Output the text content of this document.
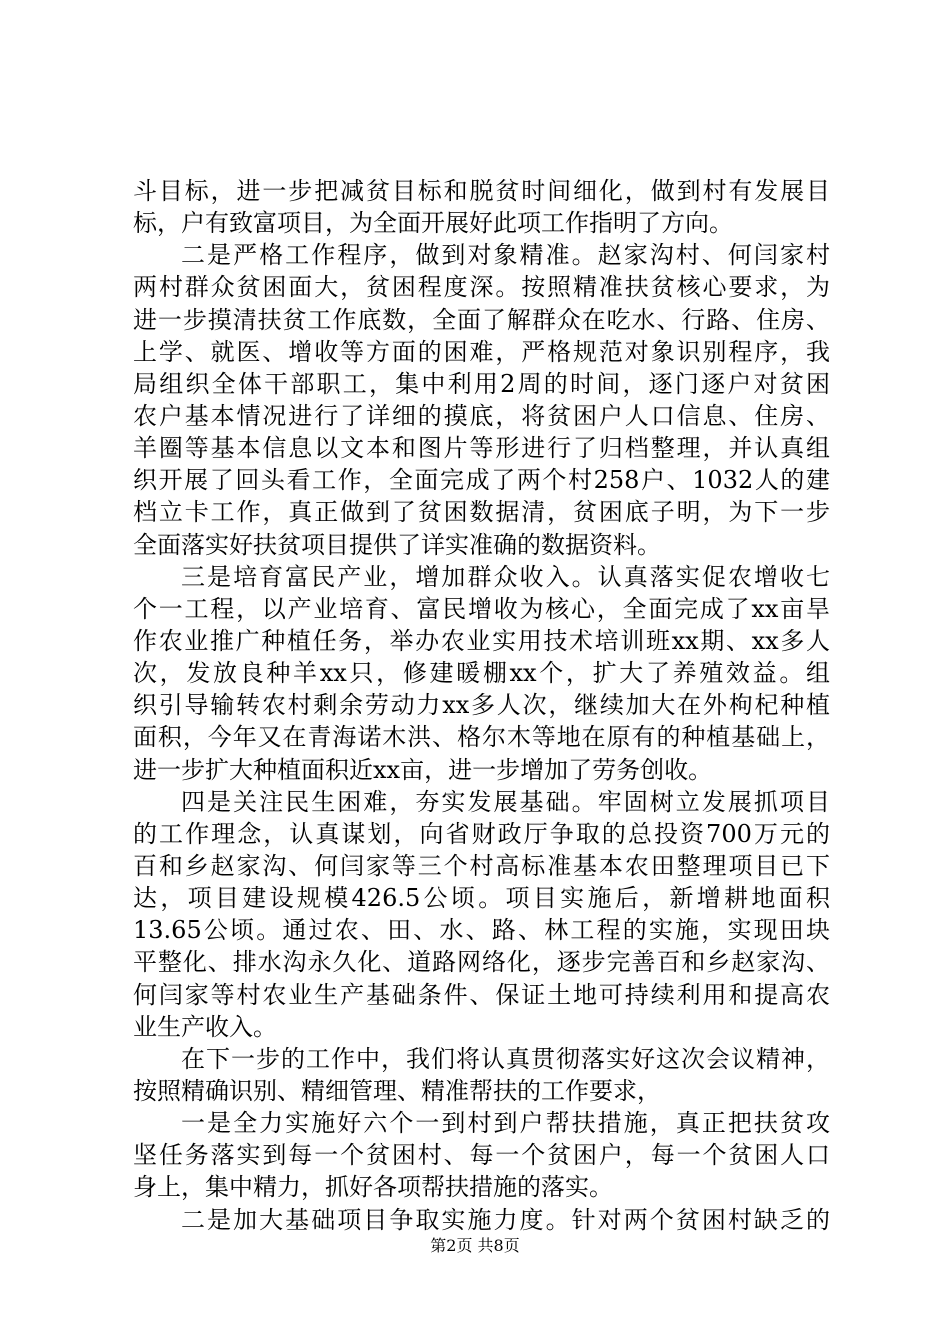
斗目标，进一步把减贫目标和脱贫时间细化，做到村有发展目
标，户有致富项目，为全面开展好此项工作指明了方向。
二是严格工作程序，做到对象精准。赵家沟村、何闫家村
两村群众贫困面大，贫困程度深。按照精准扶贫核心要求，为
进一步摸清扶贫工作底数，全面了解群众在吃水、行路、住房、
上学、就医、增收等方面的困难，严格规范对象识别程序，我
局组织全体干部职工，集中利用2周的时间，逐门逐户对贫困
农户基本情况进行了详细的摸底，将贫困户人口信息、住房、
羊圈等基本信息以文本和图片等形进行了归档整理，并认真组
织开展了回头看工作，全面完成了两个村258户、1032人的建
档立卡工作，真正做到了贫困数据清，贫困底子明，为下一步
全面落实好扶贫项目提供了详实准确的数据资料。
三是培育富民产业，增加群众收入。认真落实促农增收七
个一工程，以产业培育、富民增收为核心，全面完成了xx亩旱
作农业推广种植任务，举办农业实用技术培训班xx期、xx多人
次，发放良种羊xx只，修建暖棚xx个，扩大了养殖效益。组
织引导输转农村剩余劳动力xx多人次，继续加大在外枸杞种植
面积，今年又在青海诺木洪、格尔木等地在原有的种植基础上，
进一步扩大种植面积近xx亩，进一步增加了劳务创收。
四是关注民生困难，夯实发展基础。牢固树立发展抓项目
的工作理念，认真谋划，向省财政厅争取的总投资700万元的
百和乡赵家沟、何闫家等三个村高标准基本农田整理项目已下
达，项目建设规模426.5公顷。项目实施后，新增耕地面积
13.65公顷。通过农、田、水、路、林工程的实施，实现田块
平整化、排水沟永久化、道路网络化，逐步完善百和乡赵家沟、
何闫家等村农业生产基础条件、保证土地可持续利用和提高农
业生产收入。
在下一步的工作中，我们将认真贯彻落实好这次会议精神，
按照精确识别、精细管理、精准帮扶的工作要求，
一是全力实施好六个一到村到户帮扶措施，真正把扶贫攻
坚任务落实到每一个贫困村、每一个贫困户，每一个贫困人口
身上，集中精力，抓好各项帮扶措施的落实。
二是加大基础项目争取实施力度。针对两个贫困村缺乏的
第2页 共8页
